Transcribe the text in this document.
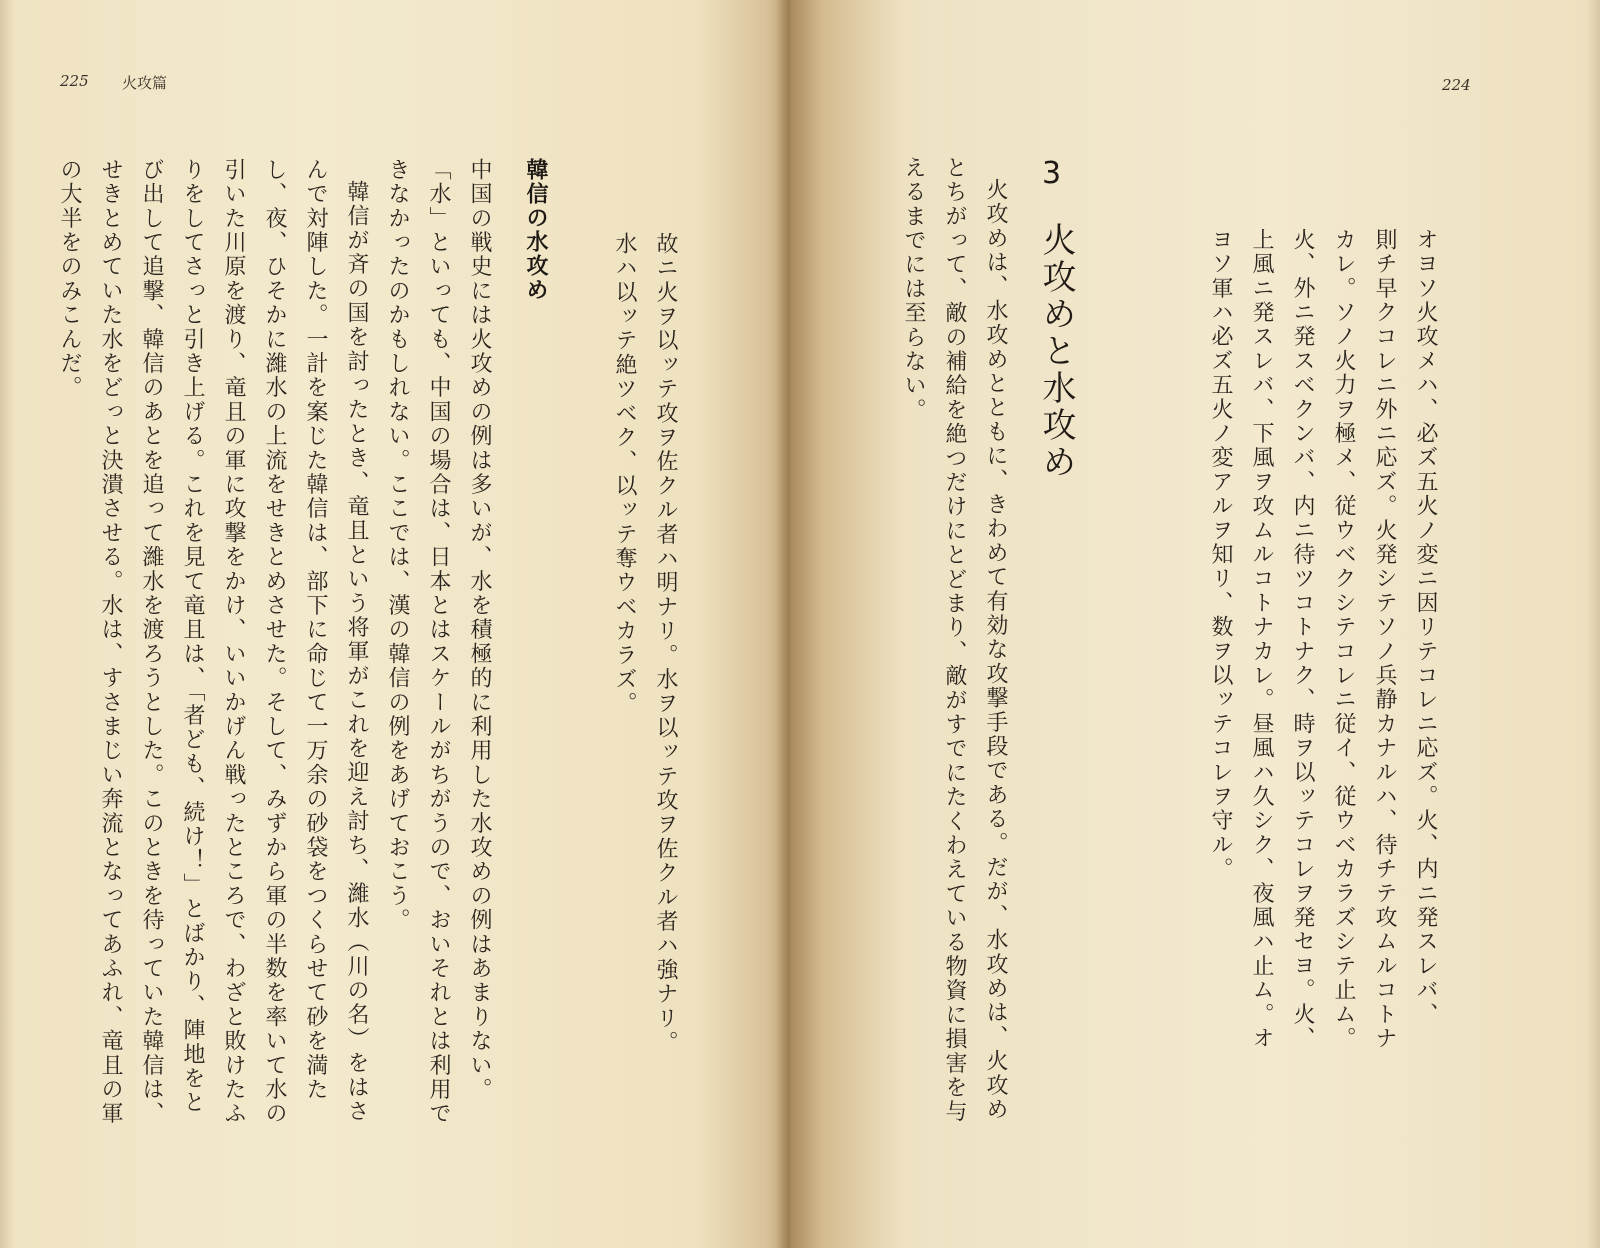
225 火攻篇

故ニ火ヲ以ッテ攻ヲ佐クル者ハ明ナリ。水ヲ以ッテ攻ヲ佐クル者ハ強ナリ。

水ハ以ッテ絶ツベク、以ッテ奪ウベカラズ。

韓信の水攻め

中国の戦史には火攻めの例は多いが、水を積極的に利用した水攻めの例はあまりない。「水」といっても、中国の場合は、日本とはスケールがちがうので、おいそれとは利用できなかったのかもしれない。ここでは、漢の韓信の例をあげておこう。

韓信が斉の国を討ったとき、竜且という将軍がこれを迎え討ち、濰水（川の名）をはさんで対陣した。一計を案じた韓信は、部下に命じて一万余の砂袋をつくらせて砂を満たし、夜、ひそかに濰水の上流をせきとめさせた。そして、みずから軍の半数を率いて水の引いた川原を渡り、竜且の軍に攻撃をかけ、いいかげん戦ったところで、わざと敗けたふりをしてさっと引き上げる。これを見て竜且は、「者ども、続け！」とばかり、陣地をとび出して追撃、韓信のあとを追って濰水を渡ろうとした。このときを待っていた韓信は、せきとめていた水をどっと決潰させる。水は、すさまじい奔流となってあふれ、竜且の軍の大半をのみこんだ。

224

オヨソ火攻メハ、必ズ五火ノ変ニ因リテコレニ応ズ。火、内ニ発スレバ、

則チ早クコレニ外ニ応ズ。火発シテソノ兵静カナルハ、待チテ攻ムルコトナ

カレ。ソノ火力ヲ極メ、従ウベクシテコレニ従イ、従ウベカラズシテ止ム。

火、外ニ発スベクンバ、内ニ待ツコトナク、時ヲ以ッテコレヲ発セヨ。火、

上風ニ発スレバ、下風ヲ攻ムルコトナカレ。昼風ハ久シク、夜風ハ止ム。オ

ヨソ軍ハ必ズ五火ノ変アルヲ知リ、数ヲ以ッテコレヲ守ル。

3
火攻めと水攻め

火攻めは、水攻めとともに、きわめて有効な攻撃手段である。だが、水攻めは、火攻めとちがって、敵の補給を絶つだけにとどまり、敵がすでにたくわえている物資に損害を与えるまでには至らない。
